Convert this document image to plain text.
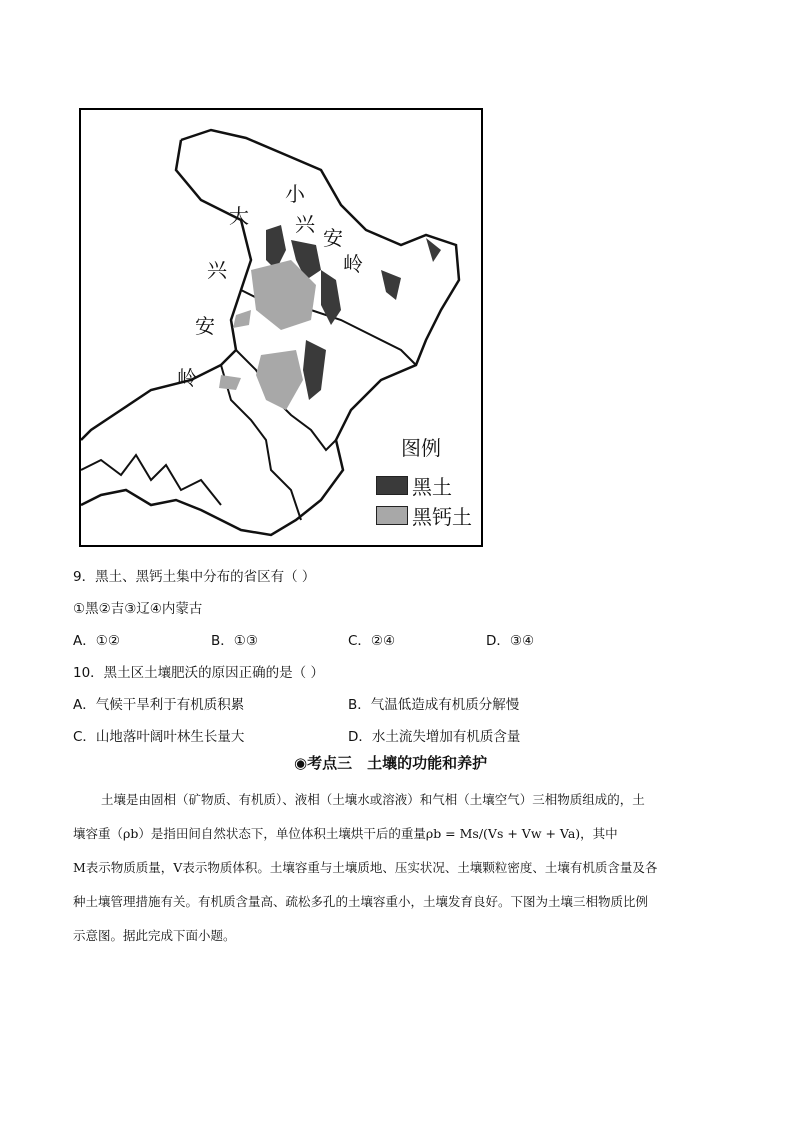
大
兴
安
岭
小
兴
安
岭
图例
黑土
黑钙土
9．黑土、黑钙土集中分布的省区有（ ）
①黑②吉③辽④内蒙古
A．①②	B．①③	C．②④	D．③④
10．黑土区土壤肥沃的原因正确的是（ ）
A．气候干旱利于有机质积累	B．气温低造成有机质分解慢
C．山地落叶阔叶林生长量大	D．水土流失增加有机质含量
◉考点三　土壤的功能和养护
土壤是由固相（矿物质、有机质）、液相（土壤水或溶液）和气相（土壤空气）三相物质组成的，土
壤容重（ρb）是指田间自然状态下，单位体积土壤烘干后的重量ρb = Ms/(Vs + Vw + Va)，其中
M表示物质质量，V表示物质体积。土壤容重与土壤质地、压实状况、土壤颗粒密度、土壤有机质含量及各
种土壤管理措施有关。有机质含量高、疏松多孔的土壤容重小，土壤发育良好。下图为土壤三相物质比例
示意图。据此完成下面小题。
